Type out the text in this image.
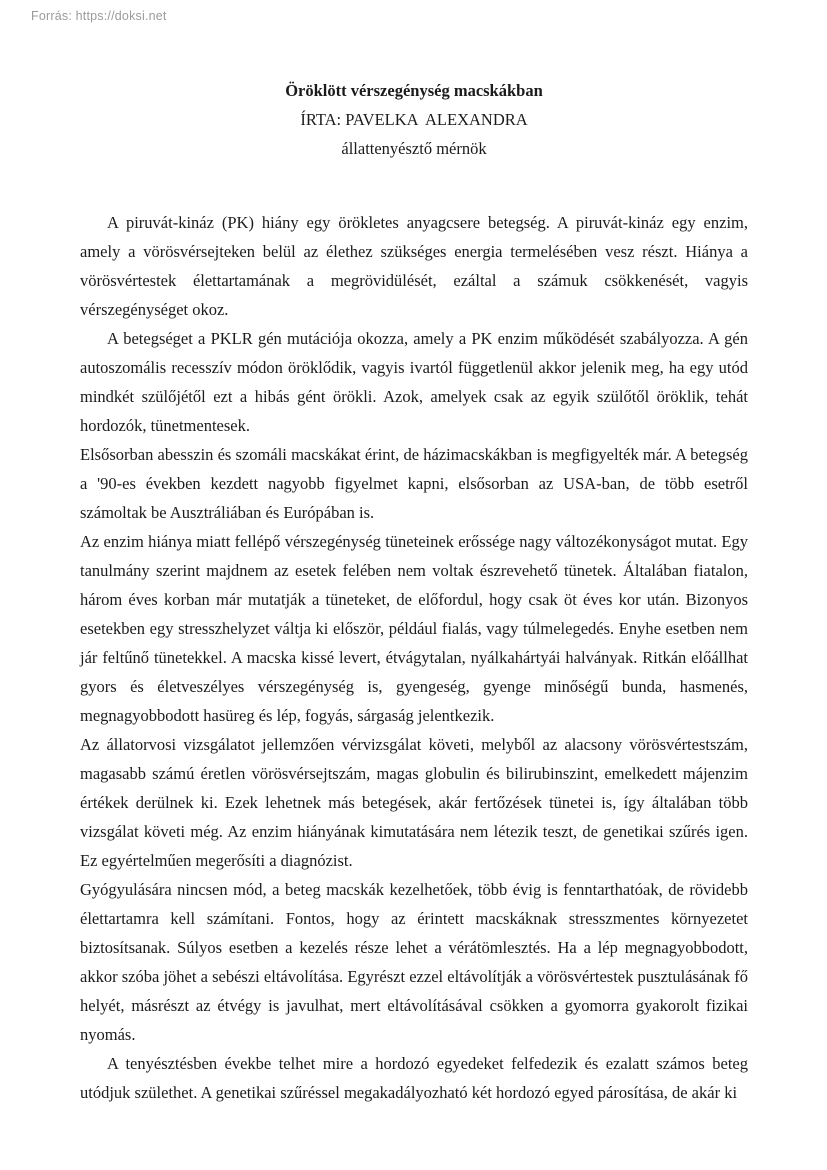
Forrás: https://doksi.net

Öröklött vérszegénység macskákban

ÍRTA: PAVELKA  ALEXANDRA

állattenyésztő mérnök

A piruvát-kináz (PK) hiány egy örökletes anyagcsere betegség. A piruvát-kináz egy enzim, amely a vörösvérsejteken belül az élethez szükséges energia termelésében vesz részt. Hiánya a vörösvértestek élettartamának a megrövidülését, ezáltal a számuk csökkenését, vagyis vérszegénységet okoz.

A betegséget a PKLR gén mutációja okozza, amely a PK enzim működését szabályozza. A gén autoszomális recesszív módon öröklődik, vagyis ivartól függetlenül akkor jelenik meg, ha egy utód mindkét szülőjétől ezt a hibás gént örökli. Azok, amelyek csak az egyik szülőtől öröklik, tehát hordozók, tünetmentesek.

Elsősorban abesszin és szomáli macskákat érint, de házimacskákban is megfigyelték már. A betegség a '90-es években kezdett nagyobb figyelmet kapni, elsősorban az USA-ban, de több esetről számoltak be Ausztráliában és Európában is.

Az enzim hiánya miatt fellépő vérszegénység tüneteinek erőssége nagy változékonyságot mutat. Egy tanulmány szerint majdnem az esetek felében nem voltak észrevehető tünetek. Általában fiatalon, három éves korban már mutatják a tüneteket, de előfordul, hogy csak öt éves kor után. Bizonyos esetekben egy stresszhelyzet váltja ki először, például fialás, vagy túlmelegedés. Enyhe esetben nem jár feltűnő tünetekkel. A macska kissé levert, étvágytalan, nyálkahártyái halványak. Ritkán előállhat gyors és életveszélyes vérszegénység is, gyengeség, gyenge minőségű bunda, hasmenés, megnagyobbodott hasüreg és lép, fogyás, sárgaság jelentkezik.

Az állatorvosi vizsgálatot jellemzően vérvizsgálat követi, melyből az alacsony vörösvértestszám, magasabb számú éretlen vörösvérsejtszám, magas globulin és bilirubinszint, emelkedett májenzim értékek derülnek ki. Ezek lehetnek más betegések, akár fertőzések tünetei is, így általában több vizsgálat követi még. Az enzim hiányának kimutatására nem létezik teszt, de genetikai szűrés igen. Ez egyértelműen megerősíti a diagnózist.

Gyógyulására nincsen mód, a beteg macskák kezelhetőek, több évig is fenntarthatóak, de rövidebb élettartamra kell számítani. Fontos, hogy az érintett macskáknak stresszmentes környezetet biztosítsanak. Súlyos esetben a kezelés része lehet a vérátömlesztés. Ha a lép megnagyobbodott, akkor szóba jöhet a sebészi eltávolítása. Egyrészt ezzel eltávolítják a vörösvértestek pusztulásának fő helyét, másrészt az étvégy is javulhat, mert eltávolításával csökken a gyomorra gyakorolt fizikai nyomás.

A tenyésztésben évekbe telhet mire a hordozó egyedeket felfedezik és ezalatt számos beteg utódjuk születhet. A genetikai szűréssel megakadályozható két hordozó egyed párosítása, de akár ki
